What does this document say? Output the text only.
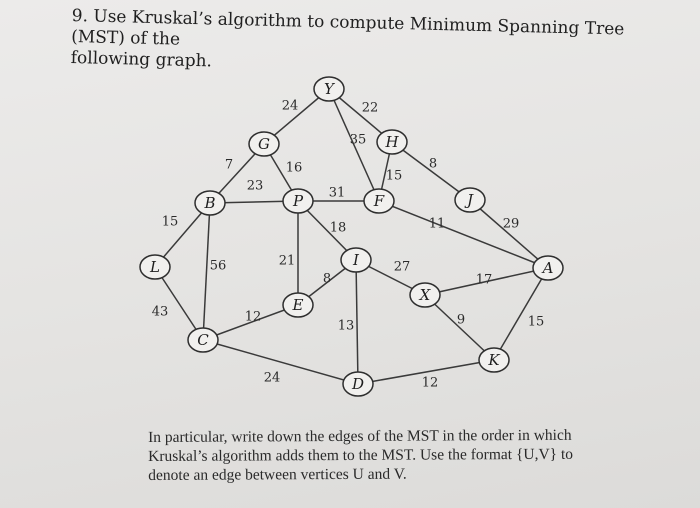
9. Use Kruskal’s algorithm to compute Minimum Spanning Tree (MST) of the
following graph.
24	22
35
15
8
7	16
23	31
15
56
43
18
21
8
13
27
11	29
17
9	15
12
12
24
Y
G	H
B	P	F	J
L	I	A
X
E
C
K
D
In particular, write down the edges of the MST in the order in which
Kruskal’s algorithm adds them to the MST. Use the format {U,V} to
denote an edge between vertices U and V.
